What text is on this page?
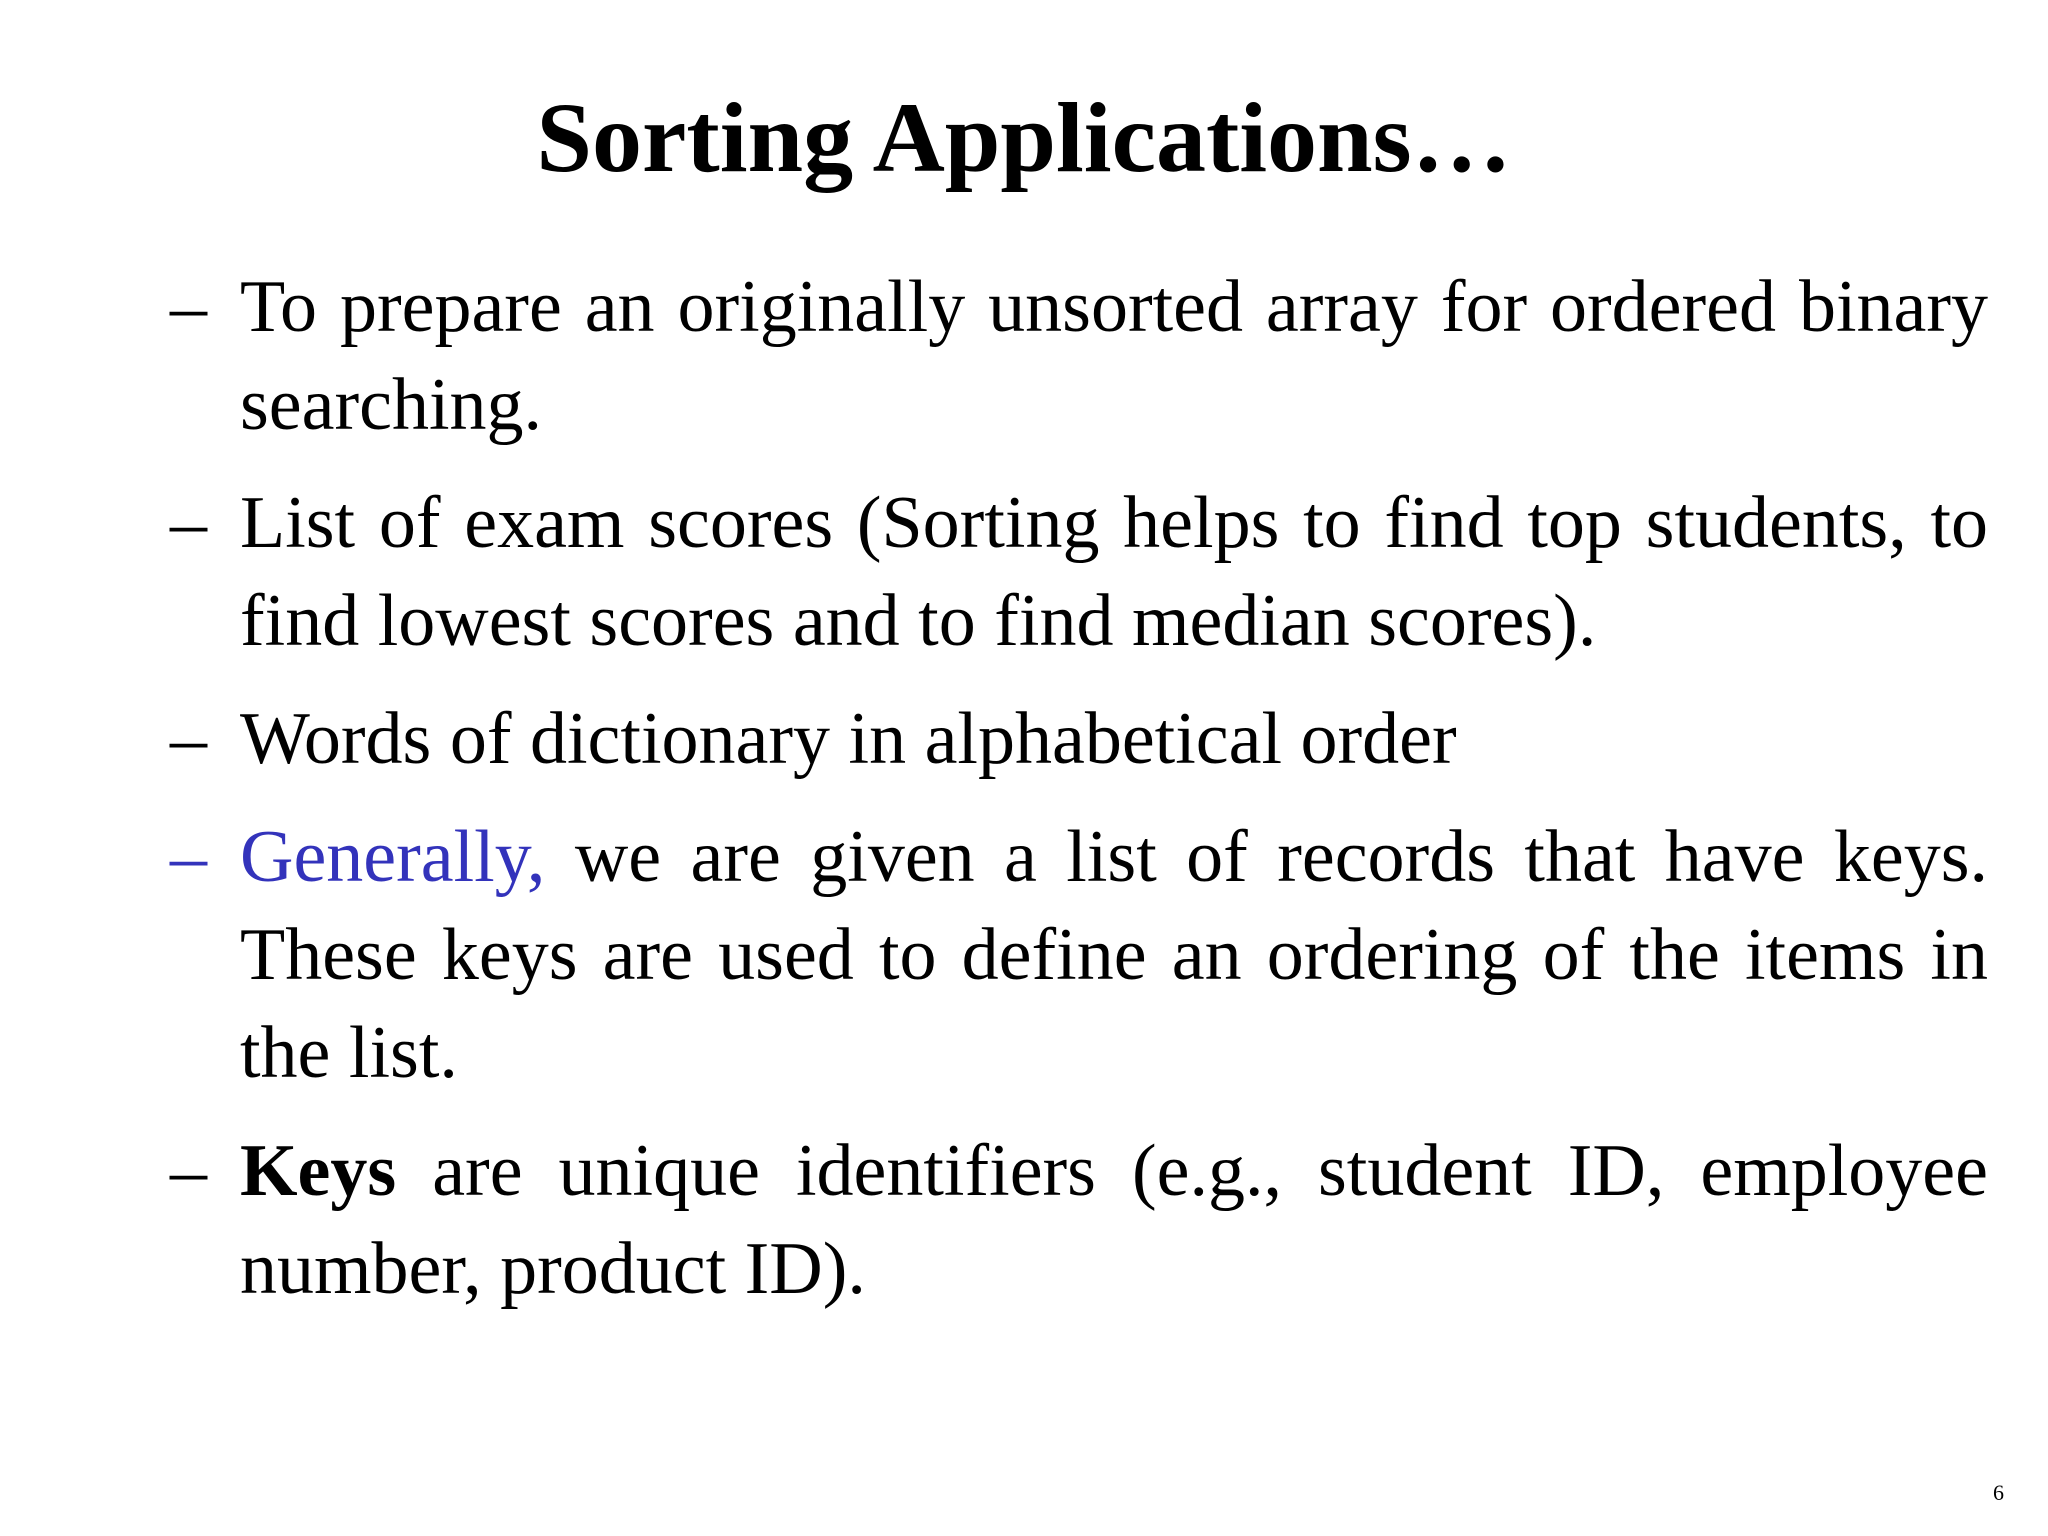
Sorting Applications…
– To prepare an originally unsorted array for ordered binary searching.
– List of exam scores (Sorting helps to find top students, to find lowest scores and to find median scores).
– Words of dictionary in alphabetical order
– Generally, we are given a list of records that have keys. These keys are used to define an ordering of the items in the list.
– Keys are unique identifiers (e.g., student ID, employee number, product ID).
6
